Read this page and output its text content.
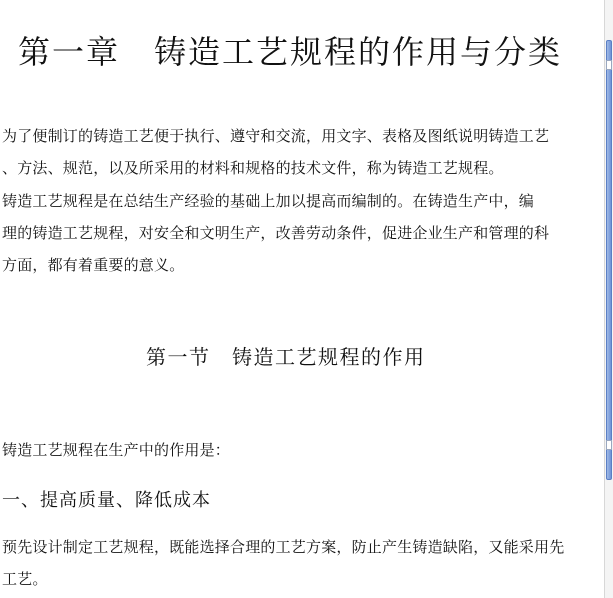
第一章　铸造工艺规程的作用与分类

为了便制订的铸造工艺便于执行、遵守和交流，用文字、表格及图纸说明铸造工艺

、方法、规范，以及所采用的材料和规格的技术文件，称为铸造工艺规程。

铸造工艺规程是在总结生产经验的基础上加以提高而编制的。在铸造生产中，编

理的铸造工艺规程，对安全和文明生产，改善劳动条件，促进企业生产和管理的科

方面，都有着重要的意义。

第一节　铸造工艺规程的作用

铸造工艺规程在生产中的作用是：

一、提高质量、降低成本

预先设计制定工艺规程，既能选择合理的工艺方案，防止产生铸造缺陷，又能采用先

工艺。
